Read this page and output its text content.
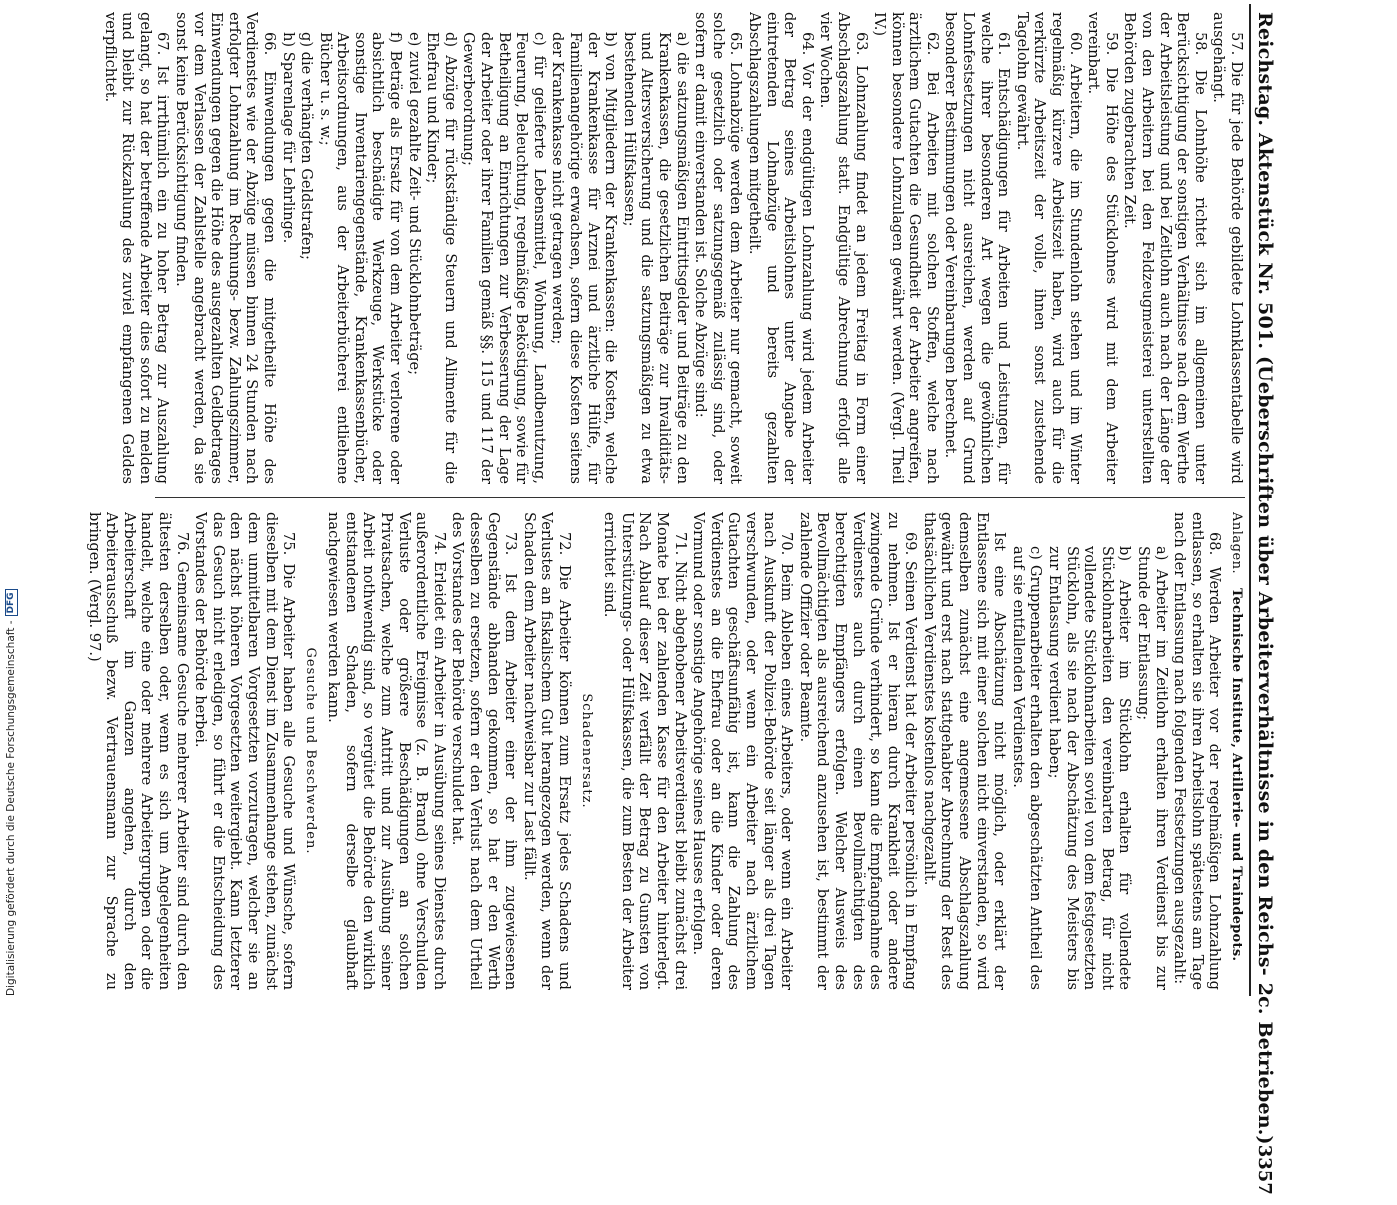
Digitalisierung gefördert durch die Deutsche Forschungsgemeinschaft -
DFG	Reichstag. Aktenstück Nr. 501. (Ueberschriften über Arbeiterverhältnisse in den Reichs- 2c. Betrieben.)
3357

57. Die für jede Behörde gebildete Lohnklassentabelle wird ausgehängt.

58. Die Lohnhöhe richtet sich im allgemeinen unter Berücksichtigung der sonstigen Verhältnisse nach dem Werthe der Arbeitsleistung und bei Zeitlohn auch nach der Länge der von den Arbeitern bei den Feldzeugmeisterei unterstellten Behörden zugebrachten Zeit.

59. Die Höhe des Stücklohnes wird mit dem Arbeiter vereinbart.

60. Arbeitern, die im Stundenlohn stehen und im Winter regelmäßig kürzere Arbeitszeit haben, wird auch für die verkürzte Arbeitszeit der volle, ihnen sonst zustehende Tagelohn gewährt.

61. Entschädigungen für Arbeiten und Leistungen, für welche ihrer besonderen Art wegen die gewöhnlichen Lohnfestsetzungen nicht ausreichen, werden auf Grund besonderer Bestimmungen oder Vereinbarungen berechnet.

62. Bei Arbeiten mit solchen Stoffen, welche nach ärztlichem Gutachten die Gesundheit der Arbeiter angreifen, können besondere Lohnzulagen gewährt werden. (Vergl. Theil IV.)

63. Lohnzahlung findet an jedem Freitag in Form einer Abschlagszahlung statt. Endgültige Abrechnung erfolgt alle vier Wochen.

64. Vor der endgültigen Lohnzahlung wird jedem Arbeiter der Betrag seines Arbeitslohnes unter Angabe der eintretenden Lohnabzüge und bereits gezahlten Abschlagszahlungen mitgetheilt.

65. Lohnabzüge werden dem Arbeiter nur gemacht, soweit solche gesetzlich oder satzungsgemäß zulässig sind, oder sofern er damit einverstanden ist. Solche Abzüge sind:

a) die satzungsmäßigen Eintrittsgelder und Beiträge zu den Krankenkassen, die gesetzlichen Beiträge zur Invaliditäts- und Altersversicherung und die satzungsmäßigen zu etwa bestehenden Hülfskassen;

b) von Mitgliedern der Krankenkassen: die Kosten, welche der Krankenkasse für Arznei und ärztliche Hülfe, für Familienangehörige erwachsen, sofern diese Kosten seitens der Krankenkasse nicht getragen werden;

c) für gelieferte Lebensmittel, Wohnung, Landbenutzung, Feuerung, Beleuchtung, regelmäßige Beköstigung, sowie für Betheiligung an Einrichtungen zur Verbesserung der Lage der Arbeiter oder ihrer Familien gemäß §§. 115 und 117 der Gewerbeordnung;

d) Abzüge für rückständige Steuern und Alimente für die Ehefrau und Kinder;

e) zuviel gezahlte Zeit- und Stücklohnbeträge;

f) Beträge als Ersatz für von dem Arbeiter verlorene oder absichtlich beschädigte Werkzeuge, Werkstücke oder sonstige Inventariengegenstände, Krankenkassenbücher, Arbeitsordnungen, aus der Arbeiterbücherei entliehene Bücher u. s. w.;

g) die verhängten Geldstrafen;

h) Sparenlage für Lehrlinge.

66. Einwendungen gegen die mitgetheilte Höhe des Verdienstes wie der Abzüge müssen binnen 24 Stunden nach erfolgter Lohnzahlung im Rechnungs- bezw. Zahlungszimmer, Einwendungen gegen die Höhe des ausgezahlten Geldbetrages vor dem Verlassen der Zahlstelle angebracht werden, da sie sonst keine Berücksichtigung finden.

67. Ist irrthümlich ein zu hoher Betrag zur Auszahlung gelangt, so hat der betreffende Arbeiter dies sofort zu melden und bleibt zur Rückzahlung des zuviel empfangenen Geldes verpflichtet.

Anlagen.   Technische Institute, Artillerie- und Traindepots.

68. Werden Arbeiter vor der regelmäßigen Lohnzahlung entlassen, so erhalten sie ihren Arbeitslohn spätestens am Tage nach der Entlassung nach folgenden Festsetzungen ausgezahlt:

a) Arbeiter im Zeitlohn erhalten ihren Verdienst bis zur Stunde der Entlassung;

b) Arbeiter im Stücklohn erhalten für vollendete Stücklohnarbeiten den vereinbarten Betrag, für nicht vollendete Stücklohnarbeiten soviel von dem festgesetzten Stücklohn, als sie nach der Abschätzung des Meisters bis zur Entlassung verdient haben;

c) Gruppenarbeiter erhalten den abgeschätzten Antheil des auf sie entfallenden Verdienstes.

Ist eine Abschätzung nicht möglich, oder erklärt der Entlassene sich mit einer solchen nicht einverstanden, so wird demselben zunächst eine angemessene Abschlagszahlung gewährt und erst nach stattgehabter Abrechnung der Rest des thatsächlichen Verdienstes kostenlos nachgezahlt.

69. Seinen Verdienst hat der Arbeiter persönlich in Empfang zu nehmen. Ist er hieran durch Krankheit oder andere zwingende Gründe verhindert, so kann die Empfangnahme des Verdienstes auch durch einen Bevollmächtigten des berechtigten Empfängers erfolgen. Welcher Ausweis des Bevollmächtigten als ausreichend anzusehen ist, bestimmt der zahlende Offizier oder Beamte.

70. Beim Ableben eines Arbeiters, oder wenn ein Arbeiter nach Auskunft der Polizei-Behörde seit länger als drei Tagen verschwunden, oder wenn ein Arbeiter nach ärztlichem Gutachten geschäftsunfähig ist, kann die Zahlung des Verdienstes an die Ehefrau oder an die Kinder oder deren Vormund oder sonstige Angehörige seines Hauses erfolgen.

71. Nicht abgehobener Arbeitsverdienst bleibt zunächst drei Monate bei der zahlenden Kasse für den Arbeiter hinterlegt. Nach Ablauf dieser Zeit verfällt der Betrag zu Gunsten von Unterstützungs- oder Hülfskassen, die zum Besten der Arbeiter errichtet sind.

Schadenersatz.

72. Die Arbeiter können zum Ersatz jedes Schadens und Verlustes an fiskalischem Gut herangezogen werden, wenn der Schaden dem Arbeiter nachweisbar zur Last fällt.

73. Ist dem Arbeiter einer der ihm zugewiesenen Gegenstände abhanden gekommen, so hat er den Werth desselben zu ersetzen, sofern er den Verlust nach dem Urtheil des Vorstandes der Behörde verschuldet hat.

74. Erleidet ein Arbeiter in Ausübung seines Dienstes durch außerordentliche Ereignisse (z. B. Brand) ohne Verschulden Verluste oder größere Beschädigungen an solchen Privatsachen, welche zum Antritt und zur Ausübung seiner Arbeit nothwendig sind, so vergütet die Behörde den wirklich entstandenen Schaden, sofern derselbe glaubhaft nachgewiesen werden kann.

Gesuche und Beschwerden.

75. Die Arbeiter haben alle Gesuche und Wünsche, sofern dieselben mit dem Dienst im Zusammenhange stehen, zunächst dem unmittelbaren Vorgesetzten vorzutragen, welcher sie an den nächst höheren Vorgesetzten weitergiebt. Kann letzterer das Gesuch nicht erledigen, so führt er die Entscheidung des Vorstandes der Behörde herbei.

76. Gemeinsame Gesuche mehrerer Arbeiter sind durch den ältesten derselben oder, wenn es sich um Angelegenheiten handelt, welche eine oder mehrere Arbeitergruppen oder die Arbeiterschaft im Ganzen angehen, durch den Arbeiterausschuß bezw. Vertrauensmann zur Sprache zu bringen. (Vergl. 97.)
